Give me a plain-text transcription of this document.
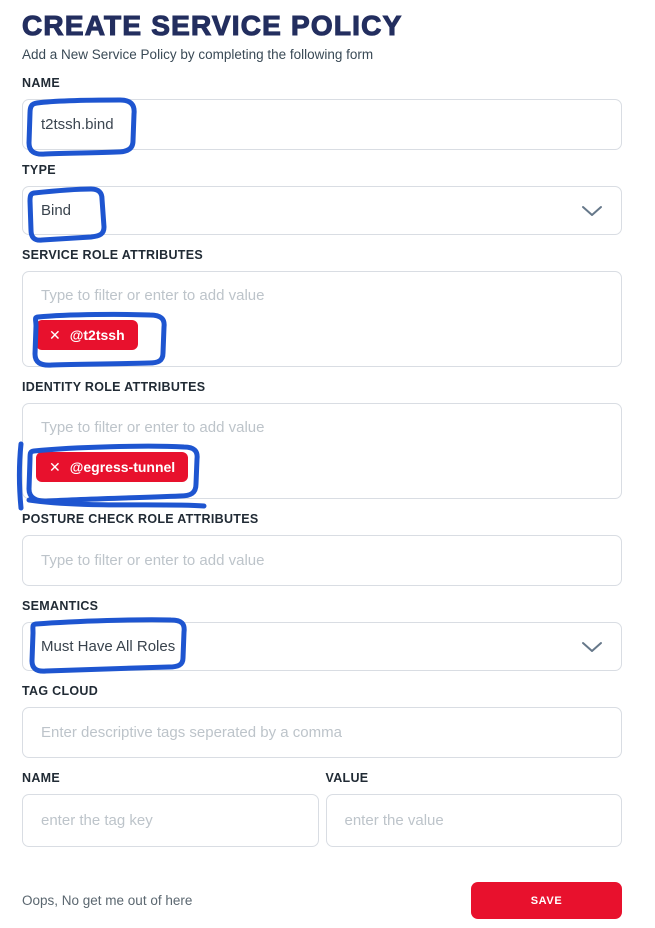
CREATE SERVICE POLICY
Add a New Service Policy by completing the following form
NAME
t2tssh.bind
TYPE
Bind
SERVICE ROLE ATTRIBUTES
Type to filter or enter to add value
✕ @t2tssh
IDENTITY ROLE ATTRIBUTES
Type to filter or enter to add value
✕ @egress-tunnel
POSTURE CHECK ROLE ATTRIBUTES
Type to filter or enter to add value
SEMANTICS
Must Have All Roles
TAG CLOUD
Enter descriptive tags seperated by a comma
NAME	VALUE
enter the tag key
enter the value
Oops, No get me out of here	SAVE
